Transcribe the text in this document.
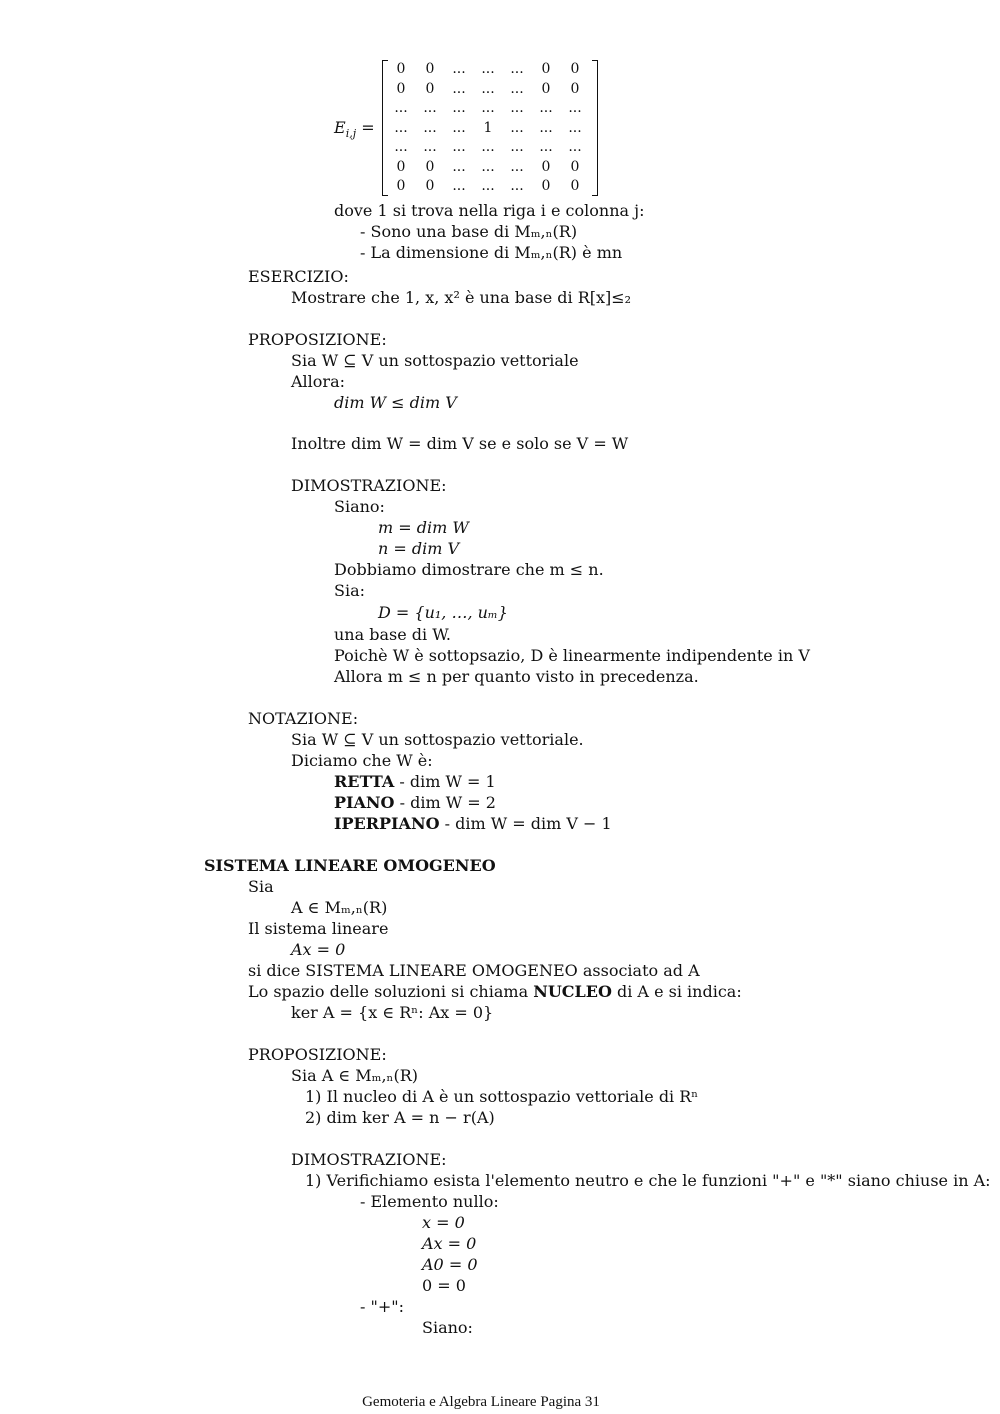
$E_{i,j}$ =
0	0	...	...	...	0	0
0	0	...	...	...	0	0
...	...	...	...	...	...	...
...	...	...	1	...	...	...
...	...	...	...	...	...	...
0	0	...	...	...	0	0
0	0	...	...	...	0	0
dove 1 si trova nella riga i e colonna j:
- Sono una base di Mₘ,ₙ(R)
- La dimensione di Mₘ,ₙ(R) è mn
ESERCIZIO:
Mostrare che 1, x, x² è una base di R[x]≤₂
PROPOSIZIONE:
Sia W ⊆ V un sottospazio vettoriale
Allora:
dim W ≤ dim V
Inoltre dim W = dim V se e solo se V = W
DIMOSTRAZIONE:
Siano:
m = dim W
n = dim V
Dobbiamo dimostrare che m ≤ n.
Sia:
D = {u₁, …, uₘ}
una base di W.
Poichè W è sottopsazio, D è linearmente indipendente in V
Allora m ≤ n per quanto visto in precedenza.
NOTAZIONE:
Sia W ⊆ V un sottospazio vettoriale.
Diciamo che W è:
RETTA - dim W = 1
PIANO - dim W = 2
IPERPIANO - dim W = dim V − 1
SISTEMA LINEARE OMOGENEO
Sia
A ∈ Mₘ,ₙ(R)
Il sistema lineare
Ax = 0
si dice SISTEMA LINEARE OMOGENEO associato ad A
Lo spazio delle soluzioni si chiama NUCLEO di A e si indica:
ker A = {x ∈ Rⁿ: Ax = 0}
PROPOSIZIONE:
Sia A ∈ Mₘ,ₙ(R)
1) Il nucleo di A è un sottospazio vettoriale di Rⁿ
2) dim ker A = n − r(A)
DIMOSTRAZIONE:
1) Verifichiamo esista l'elemento neutro e che le funzioni "+" e "*" siano chiuse in A:
- Elemento nullo:
x = 0
Ax = 0
A0 = 0
0 = 0
- "+":
Siano:
Gemoteria e Algebra Lineare Pagina 31
